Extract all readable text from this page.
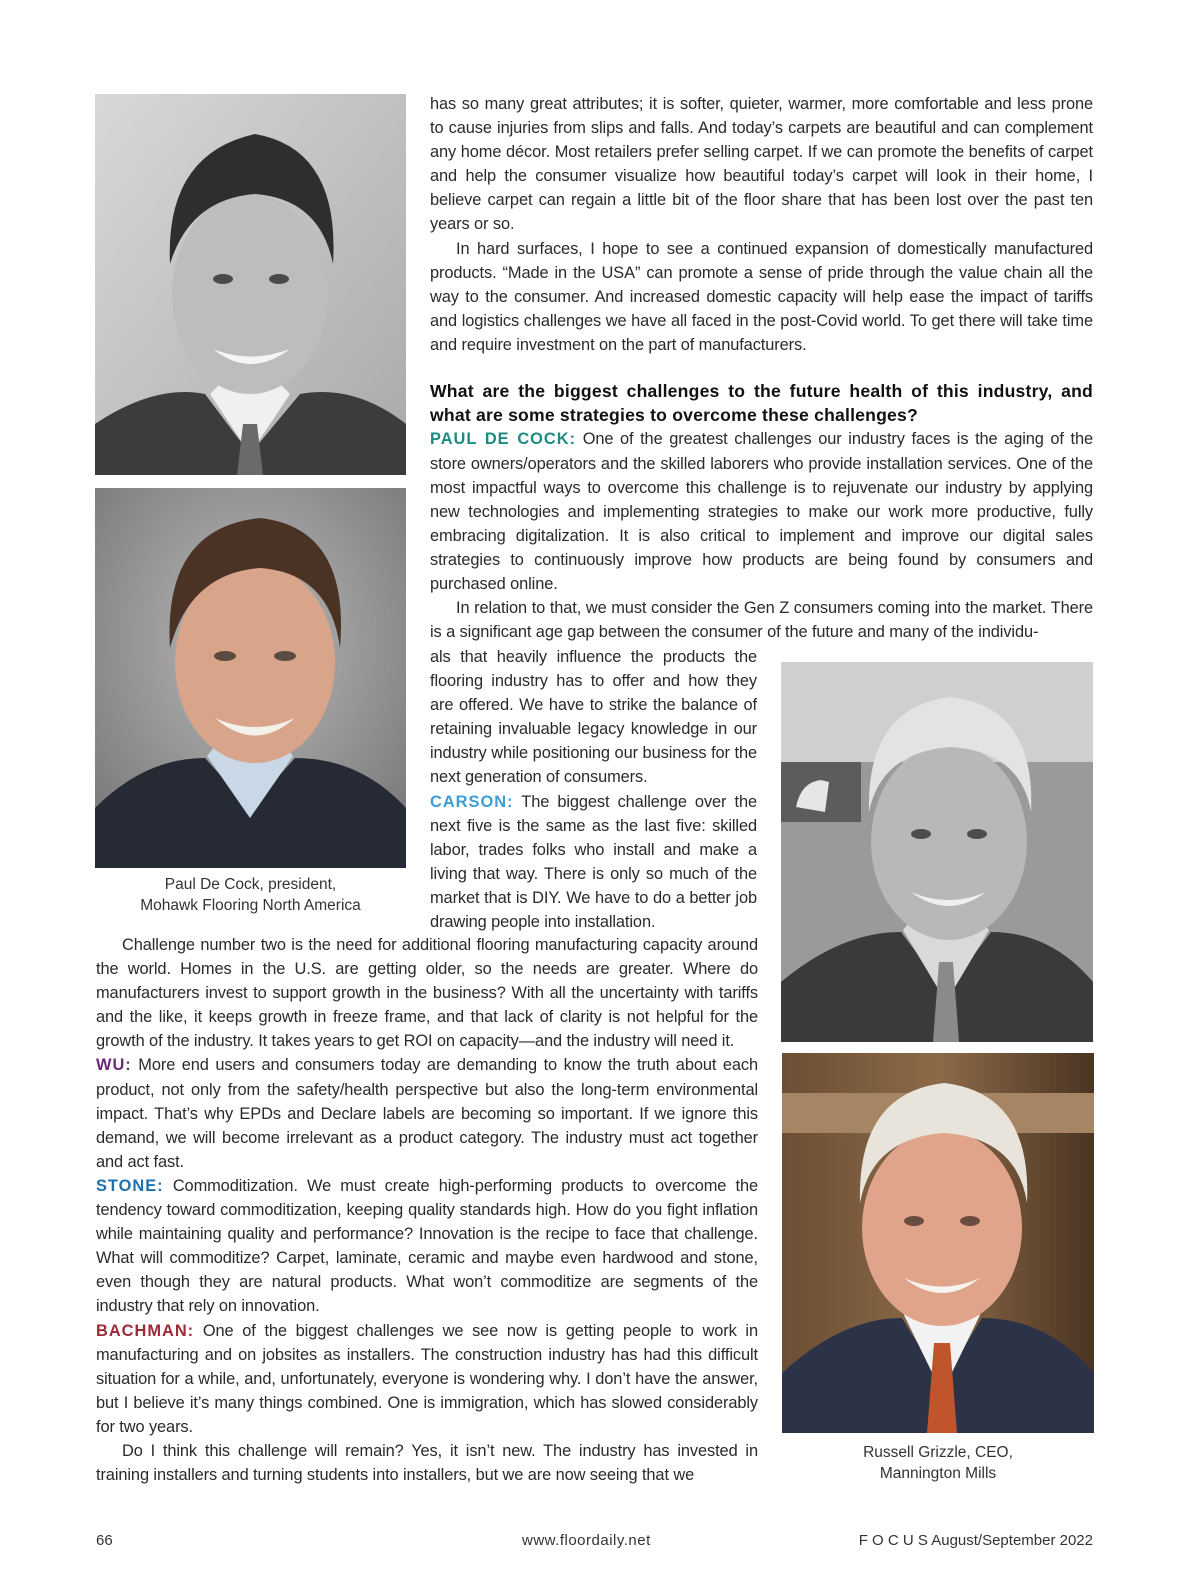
Paul De Cock, president,
Mohawk Flooring North America
Russell Grizzle, CEO,
Mannington Mills

has so many great attributes; it is softer, quieter, warmer, more comfortable and less prone to cause injuries from slips and falls. And today’s carpets are beautiful and can complement any home décor. Most retailers prefer selling carpet. If we can promote the benefits of carpet and help the consumer visualize how beautiful today’s carpet will look in their home, I believe carpet can regain a little bit of the floor share that has been lost over the past ten years or so.

In hard surfaces, I hope to see a continued expansion of domestically manufactured products. “Made in the USA” can promote a sense of pride through the value chain all the way to the consumer. And increased domestic capacity will help ease the impact of tariffs and logistics challenges we have all faced in the post-Covid world. To get there will take time and require investment on the part of manufacturers.

What are the biggest challenges to the future health of this industry, and what are some strategies to overcome these challenges?

PAUL DE COCK: One of the greatest challenges our industry faces is the aging of the store owners/operators and the skilled laborers who provide installation services. One of the most impactful ways to overcome this challenge is to rejuvenate our industry by applying new technologies and implementing strategies to make our work more productive, fully embracing digitalization. It is also critical to implement and improve our digital sales strategies to continuously improve how products are being found by consumers and purchased online.

In relation to that, we must consider the Gen Z consumers coming into the market. There is a significant age gap between the consumer of the future and many of the individu-

als that heavily influence the products the flooring industry has to offer and how they are offered. We have to strike the balance of retaining invaluable legacy knowledge in our industry while positioning our business for the next generation of consumers.

CARSON: The biggest challenge over the next five is the same as the last five: skilled labor, trades folks who install and make a living that way. There is only so much of the market that is DIY. We have to do a better job drawing people into installation.

Challenge number two is the need for additional flooring manufacturing capacity around the world. Homes in the U.S. are getting older, so the needs are greater. Where do manufacturers invest to support growth in the business? With all the uncertainty with tariffs and the like, it keeps growth in freeze frame, and that lack of clarity is not helpful for the growth of the industry. It takes years to get ROI on capacity—and the industry will need it.

WU: More end users and consumers today are demanding to know the truth about each product, not only from the safety/health perspective but also the long-term environmental impact. That’s why EPDs and Declare labels are becoming so important. If we ignore this demand, we will become irrelevant as a product category. The industry must act together and act fast.

STONE: Commoditization. We must create high-performing products to overcome the tendency toward commoditization, keeping quality standards high. How do you fight inflation while maintaining quality and performance? Innovation is the recipe to face that challenge. What will commoditize? Carpet, laminate, ceramic and maybe even hardwood and stone, even though they are natural products. What won’t commoditize are segments of the industry that rely on innovation.

BACHMAN: One of the biggest challenges we see now is getting people to work in manufacturing and on jobsites as installers. The construction industry has had this difficult situation for a while, and, unfortunately, everyone is wondering why. I don’t have the answer, but I believe it’s many things combined. One is immigration, which has slowed considerably for two years.

Do I think this challenge will remain? Yes, it isn’t new. The industry has invested in training installers and turning students into installers, but we are now seeing that we

66	www.floordaily.net	F O C U S August/September 2022
